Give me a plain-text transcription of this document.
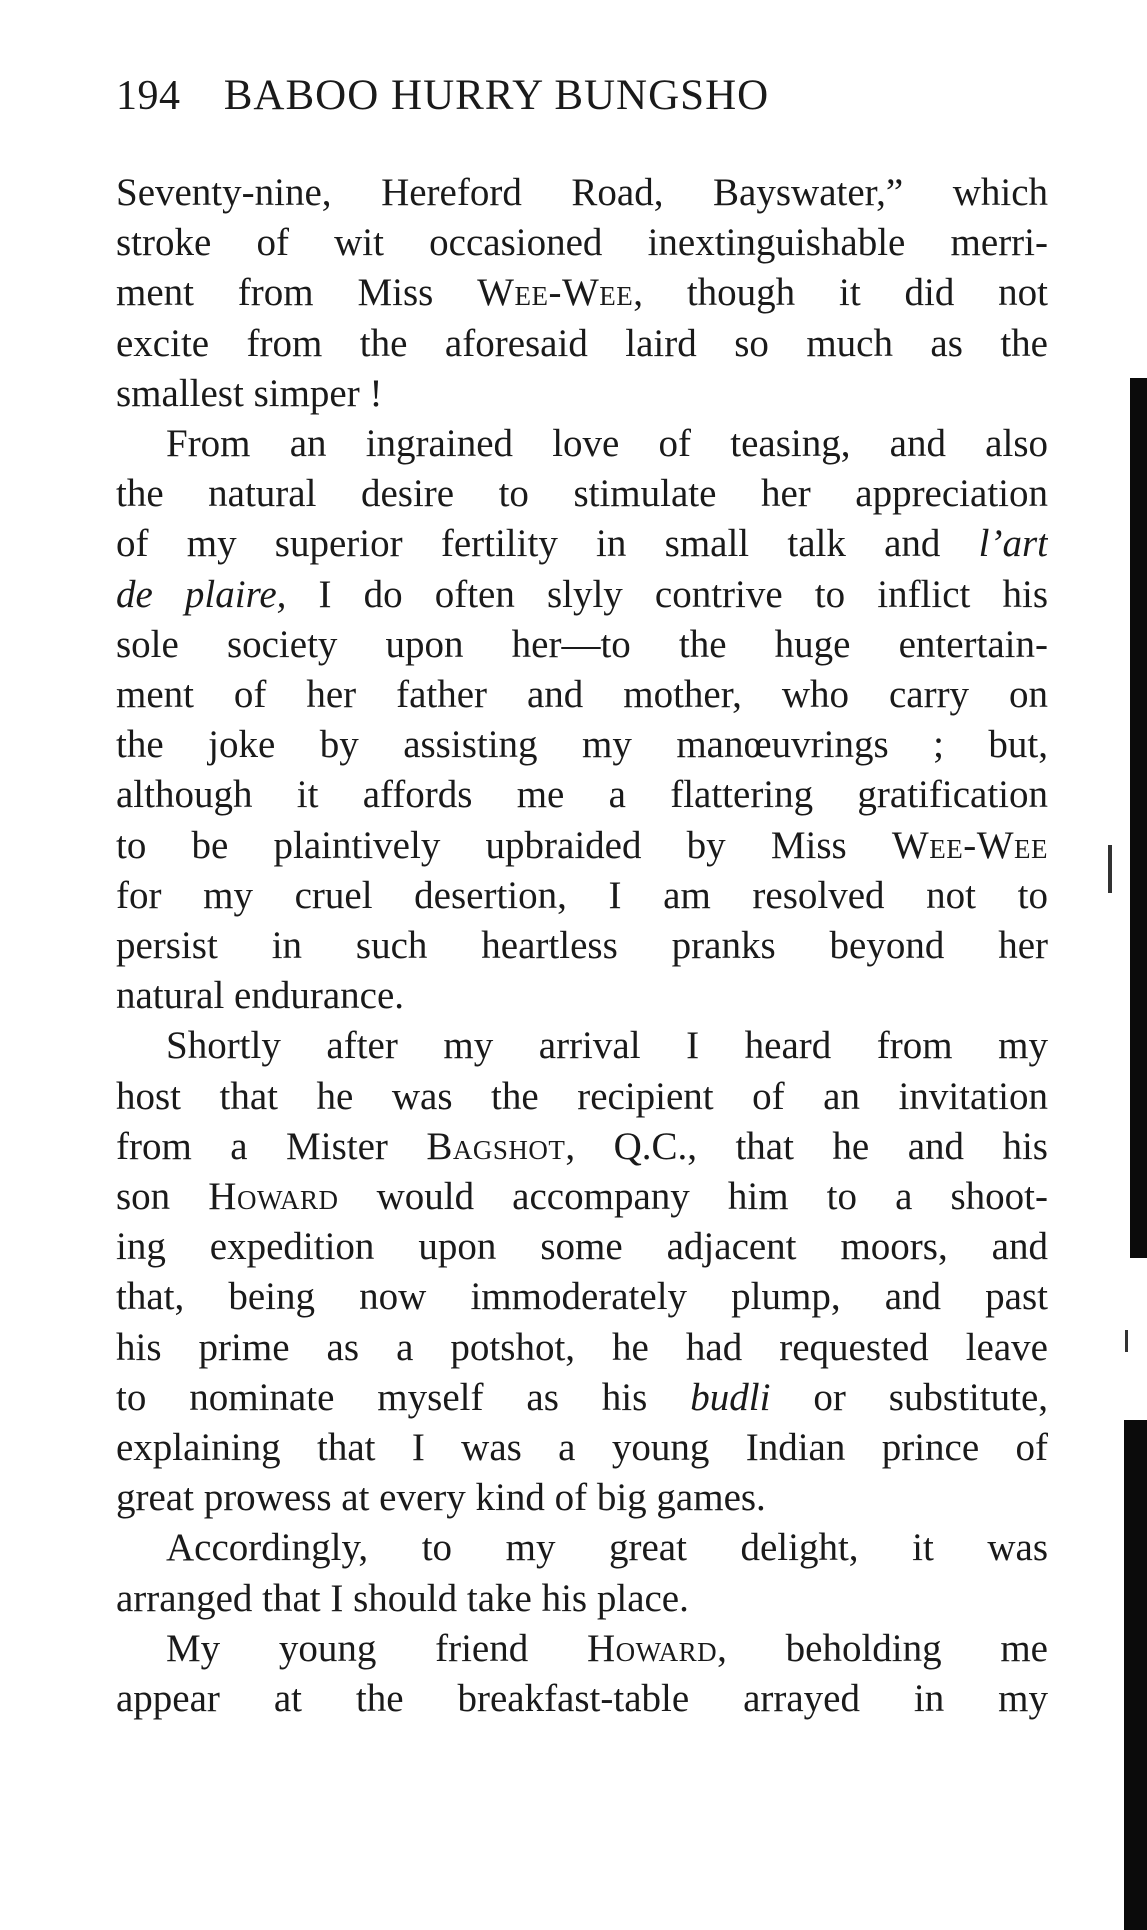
194 BABOO HURRY BUNGSHO
Seventy-nine, Hereford Road, Bayswater,” which
stroke of wit occasioned inextinguishable merri-
ment from Miss Wee-Wee, though it did not
excite from the aforesaid laird so much as the
smallest simper !
From an ingrained love of teasing, and also
the natural desire to stimulate her appreciation
of my superior fertility in small talk and l’art
de plaire, I do often slyly contrive to inflict his
sole society upon her—to the huge entertain-
ment of her father and mother, who carry on
the joke by assisting my manœuvrings ; but,
although it affords me a flattering gratification
to be plaintively upbraided by Miss Wee-Wee
for my cruel desertion, I am resolved not to
persist in such heartless pranks beyond her
natural endurance.
Shortly after my arrival I heard from my
host that he was the recipient of an invitation
from a Mister Bagshot, Q.C., that he and his
son Howard would accompany him to a shoot-
ing expedition upon some adjacent moors, and
that, being now immoderately plump, and past
his prime as a potshot, he had requested leave
to nominate myself as his budli or substitute,
explaining that I was a young Indian prince of
great prowess at every kind of big games.
Accordingly, to my great delight, it was
arranged that I should take his place.
My young friend Howard, beholding me
appear at the breakfast-table arrayed in my
